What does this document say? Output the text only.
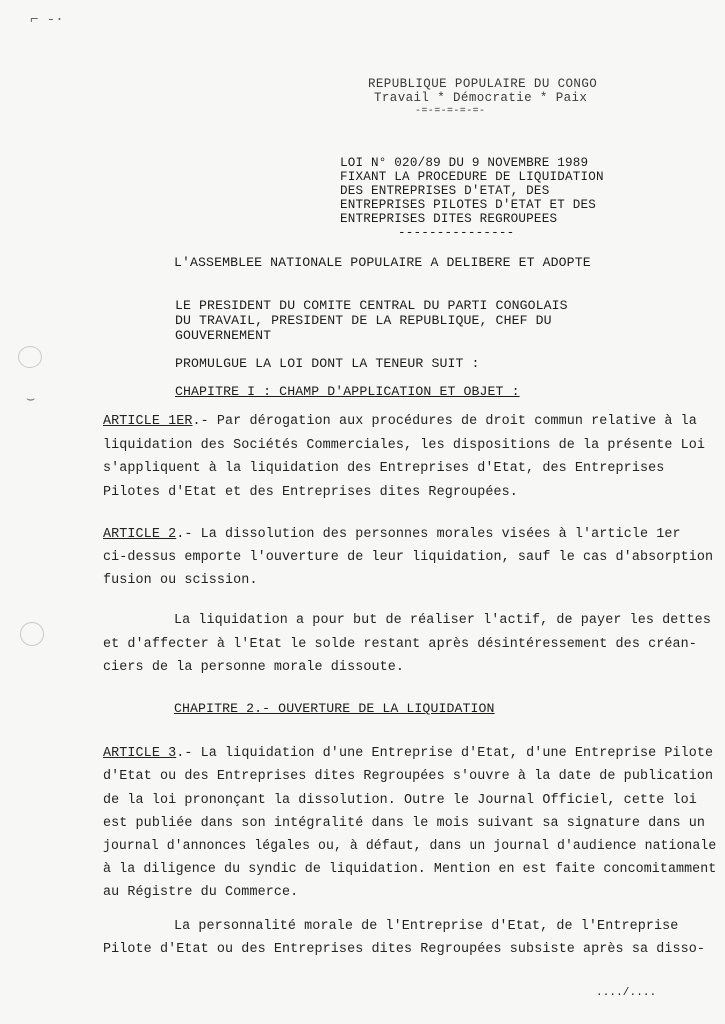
⌐ -·
⌣
REPUBLIQUE POPULAIRE DU CONGO
Travail * Démocratie * Paix
-=-=-=-=-=-
LOI N° 020/89 DU 9 NOVEMBRE 1989
FIXANT LA PROCEDURE DE LIQUIDATION
DES ENTREPRISES D'ETAT, DES
ENTREPRISES PILOTES D'ETAT ET DES
ENTREPRISES DITES REGROUPEES
---------------
L'ASSEMBLEE NATIONALE POPULAIRE A DELIBERE ET ADOPTE
LE PRESIDENT DU COMITE CENTRAL DU PARTI CONGOLAIS
DU TRAVAIL, PRESIDENT DE LA REPUBLIQUE, CHEF DU
GOUVERNEMENT
PROMULGUE LA LOI DONT LA TENEUR SUIT :
CHAPITRE I : CHAMP D'APPLICATION ET OBJET :
ARTICLE 1ER.- Par dérogation aux procédures de droit commun relative à la
liquidation des Sociétés Commerciales, les dispositions de la présente Loi
s'appliquent à la liquidation des Entreprises d'Etat, des Entreprises
Pilotes d'Etat et des Entreprises dites Regroupées.
ARTICLE 2.- La dissolution des personnes morales visées à l'article 1er
ci-dessus emporte l'ouverture de leur liquidation, sauf le cas d'absorption
fusion ou scission.
La liquidation a pour but de réaliser l'actif, de payer les dettes
et d'affecter à l'Etat le solde restant après désintéressement des créan-
ciers de la personne morale dissoute.
CHAPITRE 2.- OUVERTURE DE LA LIQUIDATION
ARTICLE 3.- La liquidation d'une Entreprise d'Etat, d'une Entreprise Pilote
d'Etat ou des Entreprises dites Regroupées s'ouvre à la date de publication
de la loi prononçant la dissolution. Outre le Journal Officiel, cette loi
est publiée dans son intégralité dans le mois suivant sa signature dans un
journal d'annonces légales ou, à défaut, dans un journal d'audience nationale
à la diligence du syndic de liquidation. Mention en est faite concomitamment
au Régistre du Commerce.
La personnalité morale de l'Entreprise d'Etat, de l'Entreprise
Pilote d'Etat ou des Entreprises dites Regroupées subsiste après sa disso-
..../....
